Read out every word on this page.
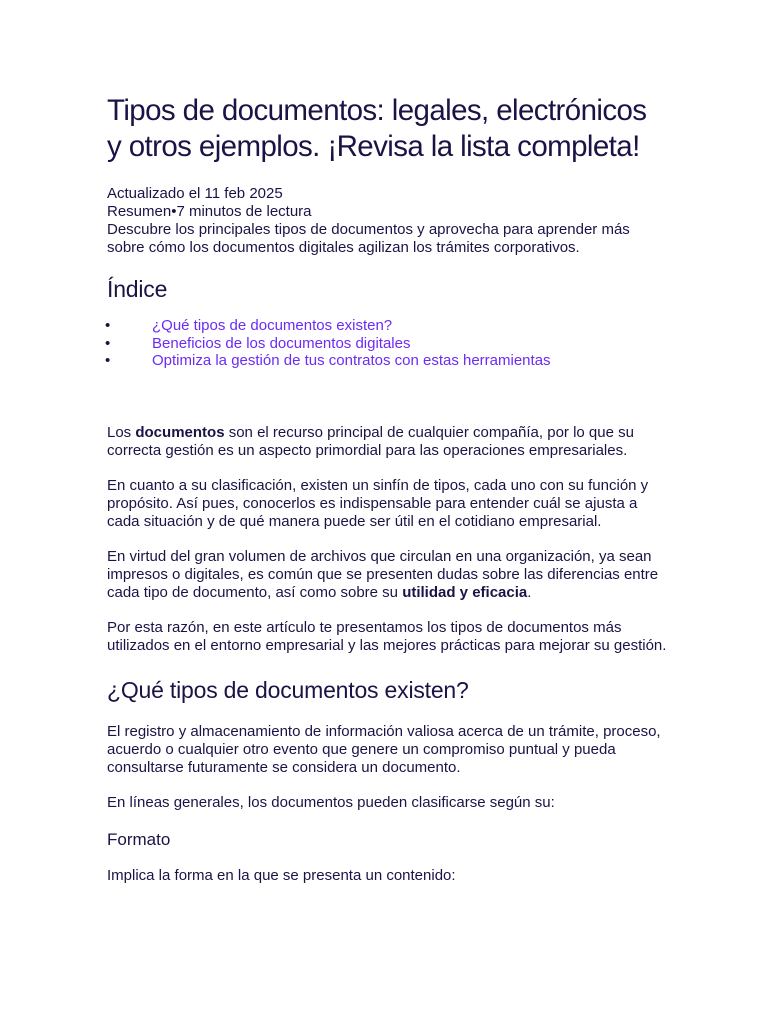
Tipos de documentos: legales, electrónicos y otros ejemplos. ¡Revisa la lista completa!
Actualizado el 11 feb 2025
Resumen•7 minutos de lectura

Descubre los principales tipos de documentos y aprovecha para aprender más sobre cómo los documentos digitales agilizan los trámites corporativos.

Índice
•	¿Qué tipos de documentos existen?
•	Beneficios de los documentos digitales
•	Optimiza la gestión de tus contratos con estas herramientas

Los documentos son el recurso principal de cualquier compañía, por lo que su correcta gestión es un aspecto primordial para las operaciones empresariales.

En cuanto a su clasificación, existen un sinfín de tipos, cada uno con su función y propósito. Así pues, conocerlos es indispensable para entender cuál se ajusta a cada situación y de qué manera puede ser útil en el cotidiano empresarial.

En virtud del gran volumen de archivos que circulan en una organización, ya sean impresos o digitales, es común que se presenten dudas sobre las diferencias entre cada tipo de documento, así como sobre su utilidad y eficacia.

Por esta razón, en este artículo te presentamos los tipos de documentos más utilizados en el entorno empresarial y las mejores prácticas para mejorar su gestión.

¿Qué tipos de documentos existen?

El registro y almacenamiento de información valiosa acerca de un trámite, proceso, acuerdo o cualquier otro evento que genere un compromiso puntual y pueda consultarse futuramente se considera un documento.

En líneas generales, los documentos pueden clasificarse según su:

Formato

Implica la forma en la que se presenta un contenido:
